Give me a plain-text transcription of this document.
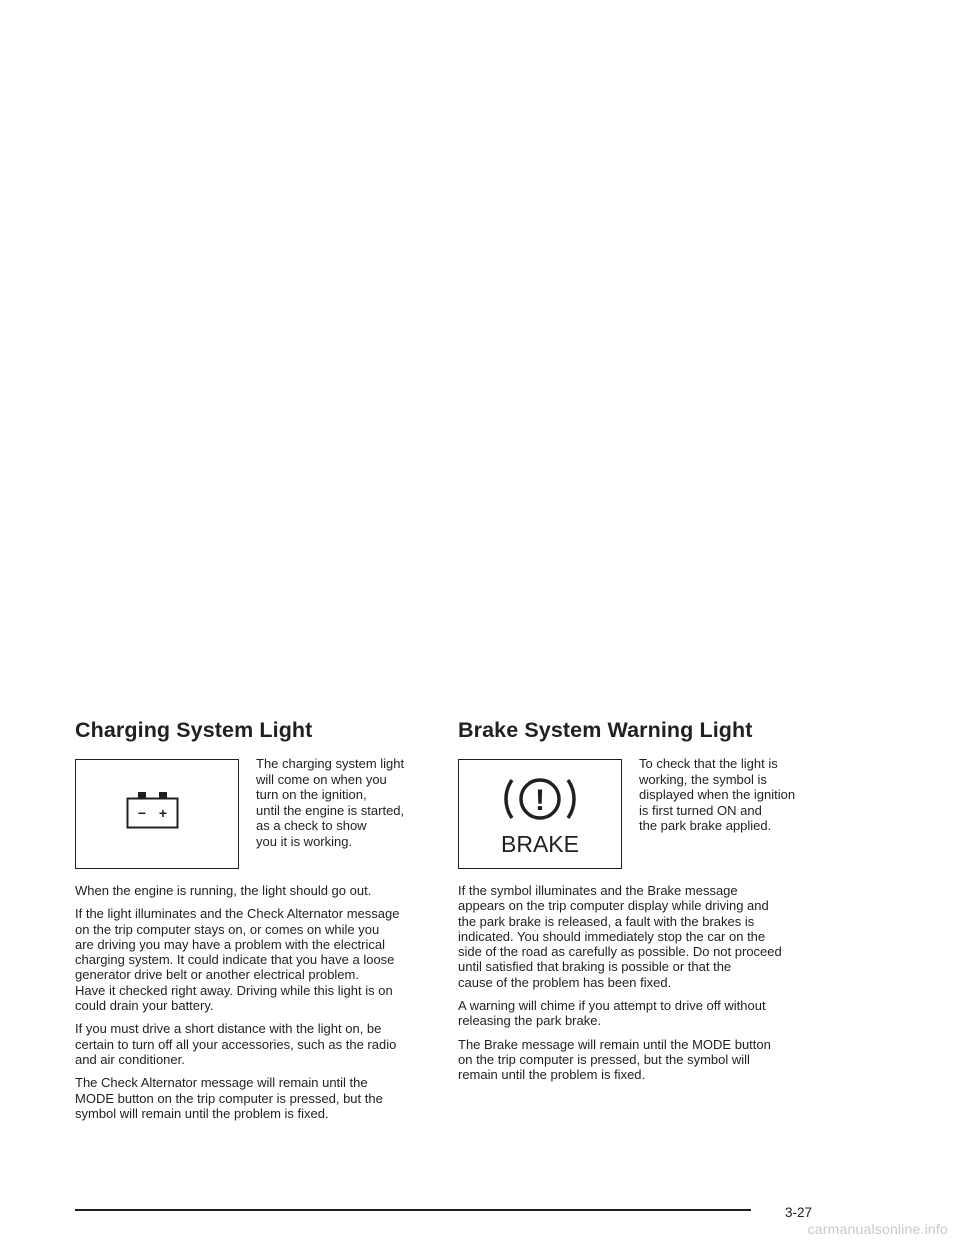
Charging System Light
− +
The charging system light
will come on when you
turn on the ignition,
until the engine is started,
as a check to show
you it is working.

When the engine is running, the light should go out.

If the light illuminates and the Check Alternator message
on the trip computer stays on, or comes on while you
are driving you may have a problem with the electrical
charging system. It could indicate that you have a loose
generator drive belt or another electrical problem.
Have it checked right away. Driving while this light is on
could drain your battery.

If you must drive a short distance with the light on, be
certain to turn off all your accessories, such as the radio
and air conditioner.

The Check Alternator message will remain until the
MODE button on the trip computer is pressed, but the
symbol will remain until the problem is fixed.

Brake System Warning Light
!
BRAKE
To check that the light is
working, the symbol is
displayed when the ignition
is first turned ON and
the park brake applied.

If the symbol illuminates and the Brake message
appears on the trip computer display while driving and
the park brake is released, a fault with the brakes is
indicated. You should immediately stop the car on the
side of the road as carefully as possible. Do not proceed
until satisfied that braking is possible or that the
cause of the problem has been fixed.

A warning will chime if you attempt to drive off without
releasing the park brake.

The Brake message will remain until the MODE button
on the trip computer is pressed, but the symbol will
remain until the problem is fixed.

3-27
carmanualsonline.info
